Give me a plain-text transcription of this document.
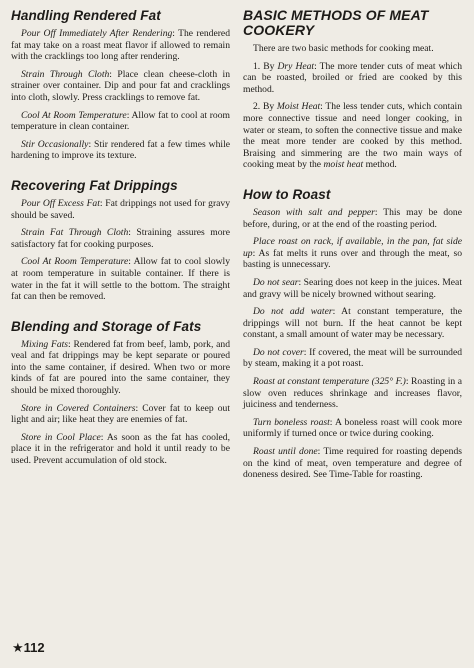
Handling Rendered Fat

Pour Off Immediately After Rendering: The rendered fat may take on a roast meat flavor if allowed to remain with the cracklings too long after rendering.

Strain Through Cloth: Place clean cheese-cloth in strainer over container. Dip and pour fat and cracklings into cloth, slowly. Press cracklings to remove fat.

Cool At Room Temperature: Allow fat to cool at room temperature in clean container.

Stir Occasionally: Stir rendered fat a few times while hardening to improve its texture.

Recovering Fat Drippings

Pour Off Excess Fat: Fat drippings not used for gravy should be saved.

Strain Fat Through Cloth: Straining assures more satisfactory fat for cooking purposes.

Cool At Room Temperature: Allow fat to cool slowly at room temperature in suitable container. If there is water in the fat it will settle to the bottom. The straight fat can then be removed.

Blending and Storage of Fats

Mixing Fats: Rendered fat from beef, lamb, pork, and veal and fat drippings may be kept separate or poured into the same container, if desired. When two or more kinds of fat are poured into the same container, they should be mixed thoroughly.

Store in Covered Containers: Cover fat to keep out light and air; like heat they are enemies of fat.

Store in Cool Place: As soon as the fat has cooled, place it in the refrigerator and hold it until ready to be used. Prevent accumulation of old stock.

BASIC METHODS OF MEAT COOKERY

There are two basic methods for cooking meat.

1. By Dry Heat: The more tender cuts of meat which can be roasted, broiled or fried are cooked by this method.

2. By Moist Heat: The less tender cuts, which contain more connective tissue and need longer cooking, in water or steam, to soften the connective tissue and make the meat more tender are cooked by this method. Braising and simmering are the two main ways of cooking meat by the moist heat method.

How to Roast

Season with salt and pepper: This may be done before, during, or at the end of the roasting period.

Place roast on rack, if available, in the pan, fat side up: As fat melts it runs over and through the meat, so basting is unnecessary.

Do not sear: Searing does not keep in the juices. Meat and gravy will be nicely browned without searing.

Do not add water: At constant temperature, the drippings will not burn. If the heat cannot be kept constant, a small amount of water may be necessary.

Do not cover: If covered, the meat will be surrounded by steam, making it a pot roast.

Roast at constant temperature (325° F.): Roasting in a slow oven reduces shrinkage and increases flavor, juiciness and tenderness.

Turn boneless roast: A boneless roast will cook more uniformly if turned once or twice during cooking.

Roast until done: Time required for roasting depends on the kind of meat, oven temperature and degree of doneness desired. See Time-Table for roasting.

★112
